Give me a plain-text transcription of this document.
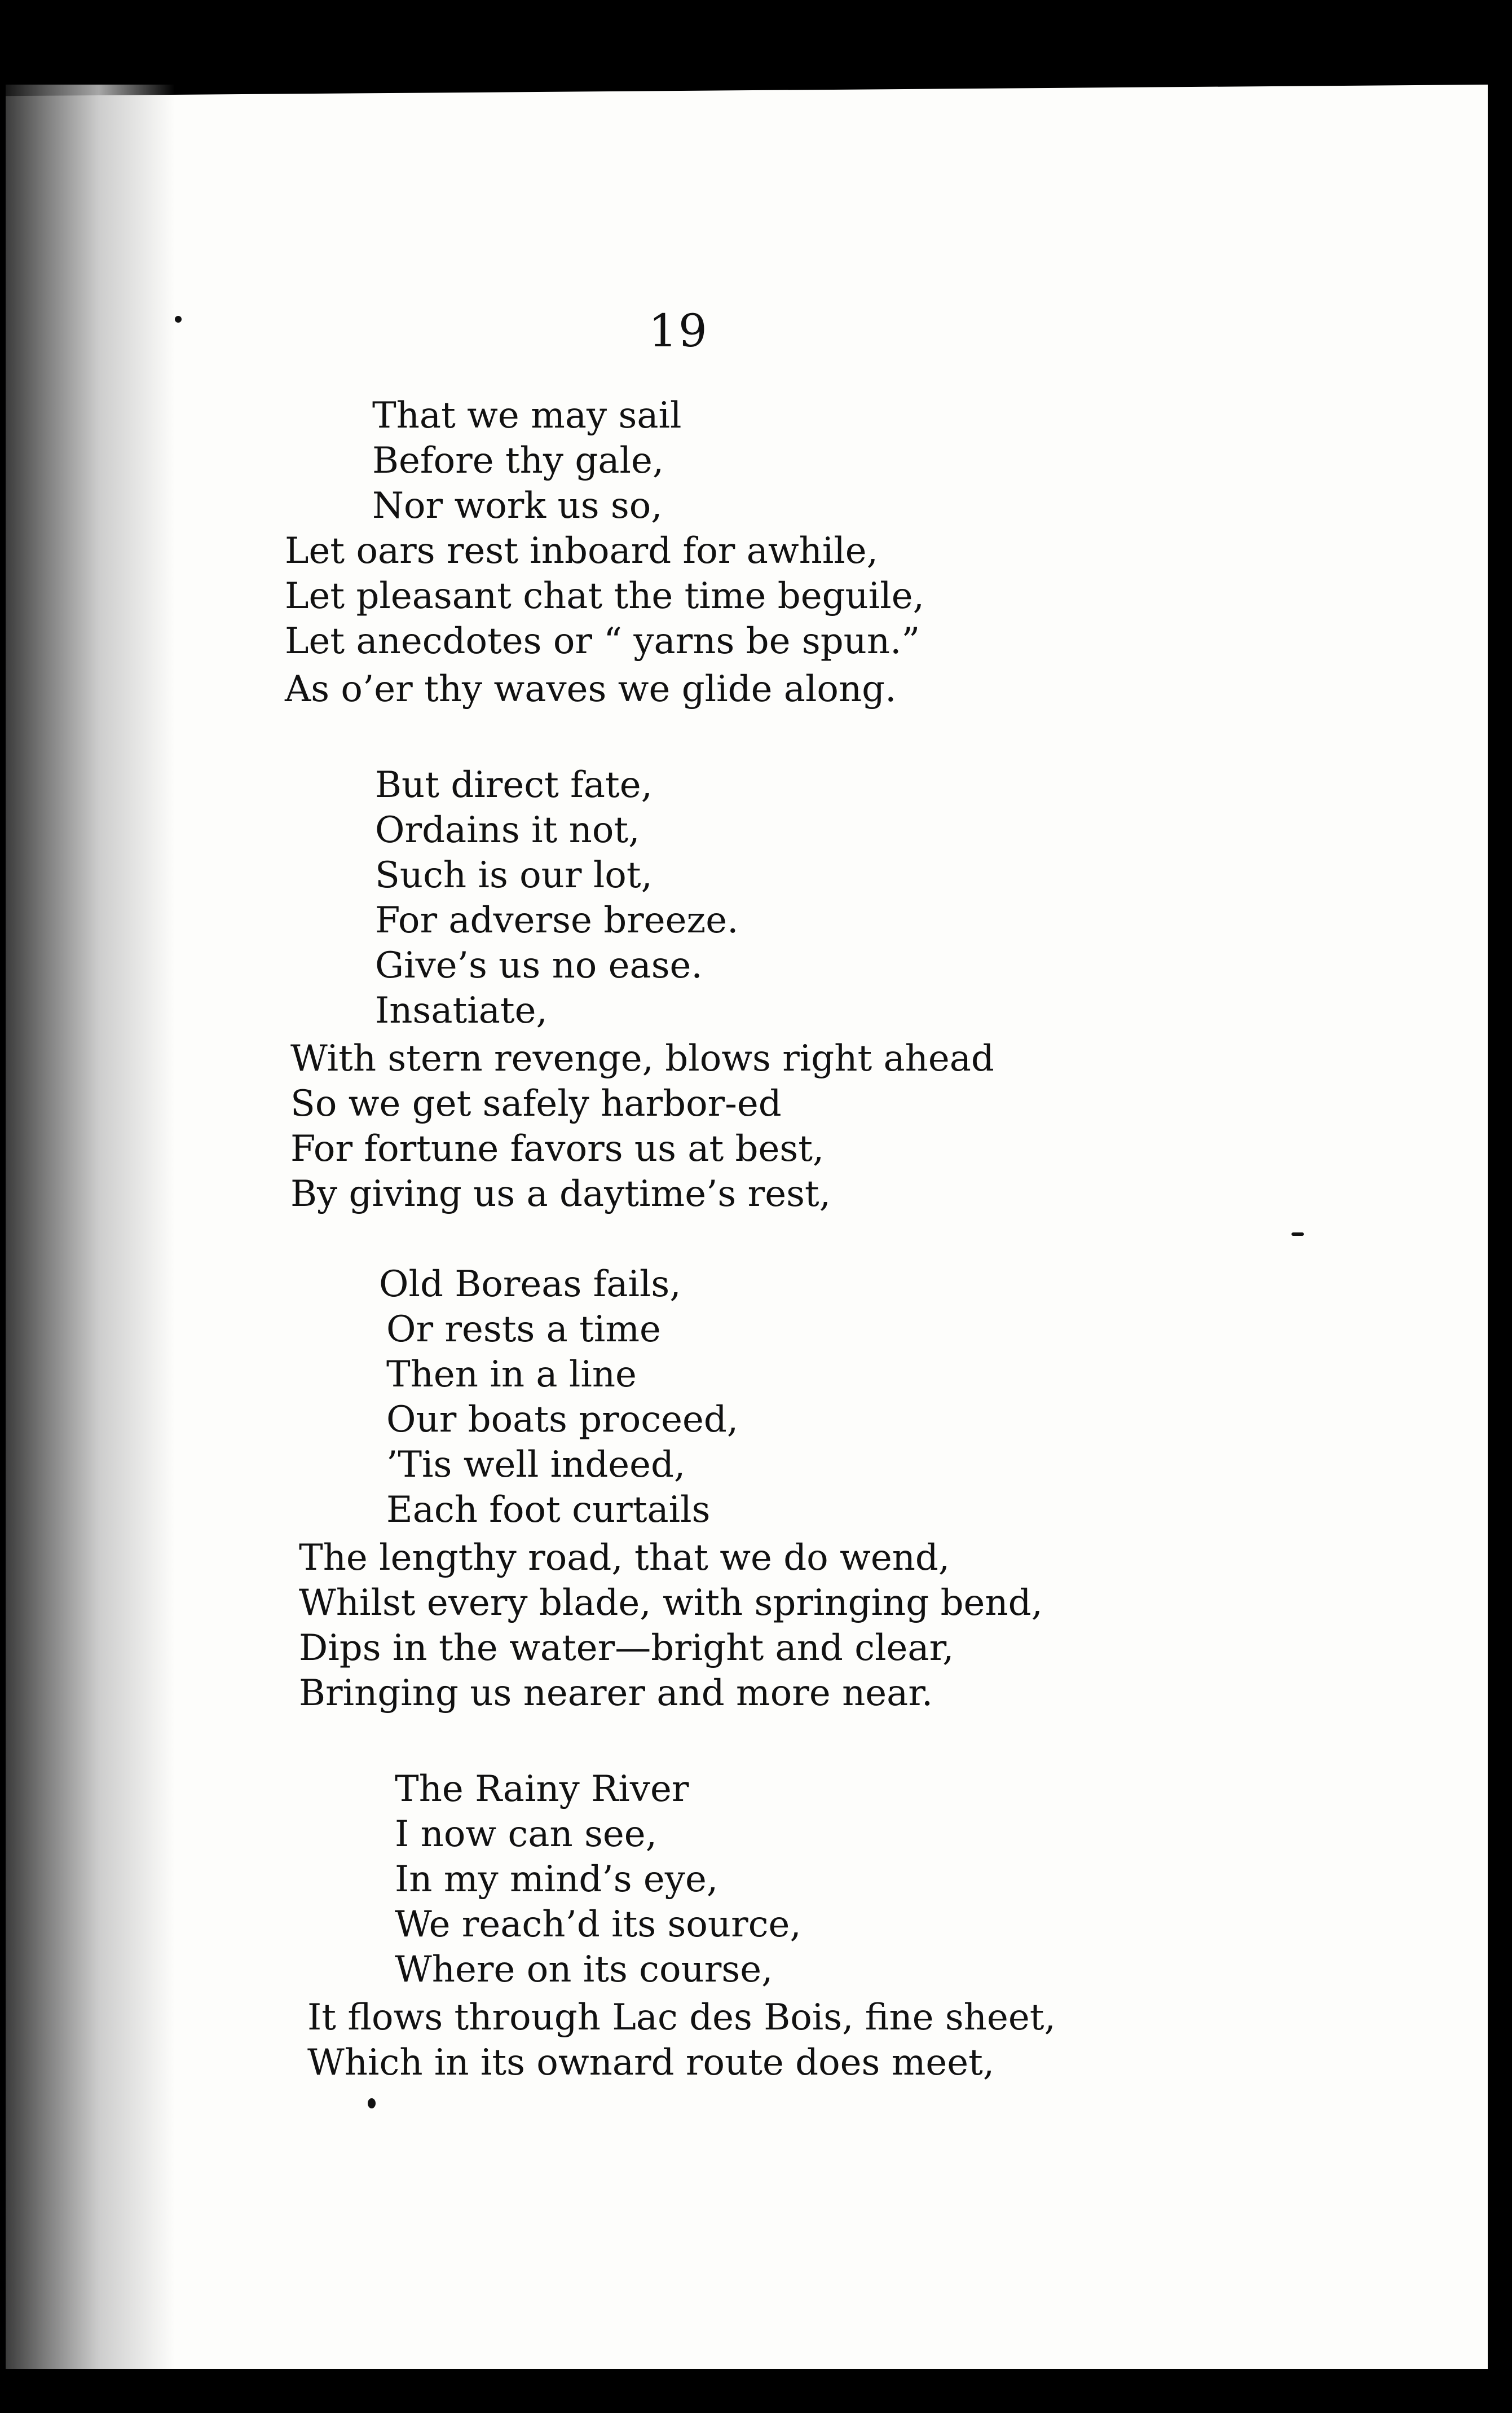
19
That we may sail
Before thy gale,
Nor work us so,
Let oars rest inboard for awhile,
Let pleasant chat the time beguile,
Let anecdotes or “ yarns be spun.”
As o’er thy waves we glide along.
But direct fate,
Ordains it not,
Such is our lot,
For adverse breeze.
Give’s us no ease.
Insatiate,
With stern revenge, blows right ahead
So we get safely harbor-ed
For fortune favors us at best,
By giving us a daytime’s rest,
Old Boreas fails,
Or rests a time
Then in a line
Our boats proceed,
’Tis well indeed,
Each foot curtails
The lengthy road, that we do wend,
Whilst every blade, with springing bend,
Dips in the water—bright and clear,
Bringing us nearer and more near.
The Rainy River
I now can see,
In my mind’s eye,
We reach’d its source,
Where on its course,
It flows through Lac des Bois, fine sheet,
Which in its ownard route does meet,
